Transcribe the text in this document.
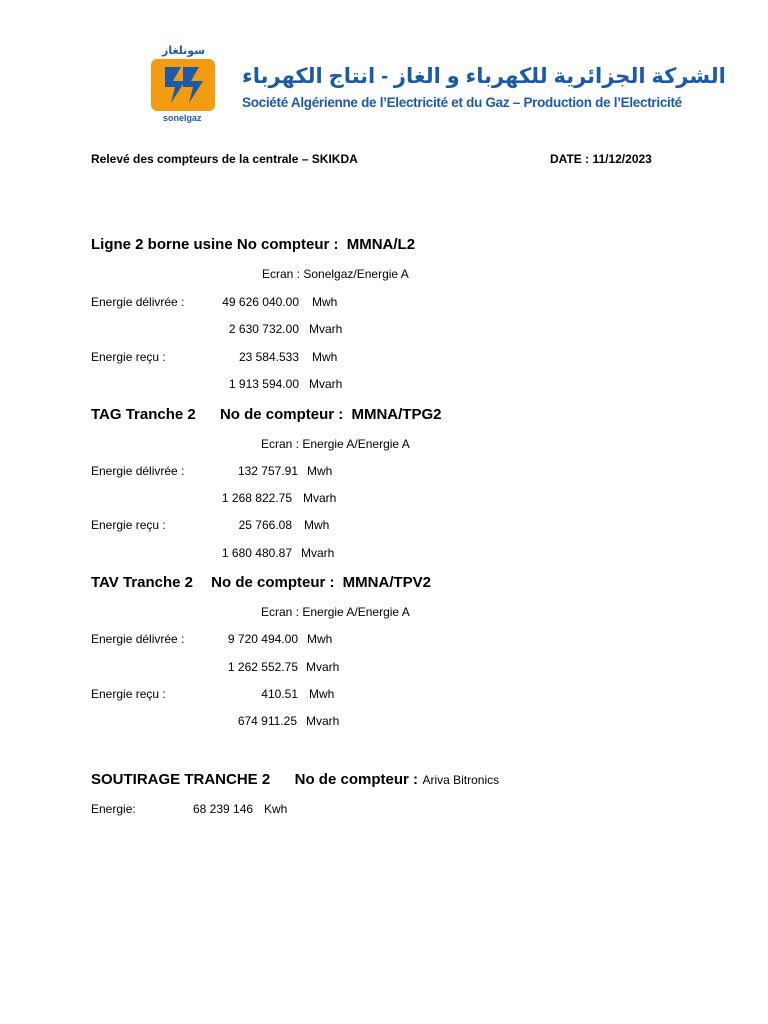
سونلغاز
sonelgaz
الشركة الجزائرية للكهرباء و الغاز - انتاج الكهرباء
Société Algérienne de l’Electricité et du Gaz – Production de l’Electricité
Relevé des compteurs de la centrale – SKIKDA	DATE : 11/12/2023
Ligne 2 borne usine No compteur : MMNA/L2
Ecran : Sonelgaz/Energie A
Energie délivrée :	49 626 040.00 Mwh
2 630 732.00 Mvarh
Energie reçu :	23 584.533 Mwh
1 913 594.00 Mvarh
TAG Tranche 2 No de compteur : MMNA/TPG2
Ecran : Energie A/Energie A
Energie délivrée :	132 757.91 Mwh
1 268 822.75 Mvarh
Energie reçu :	25 766.08 Mwh
1 680 480.87 Mvarh
TAV Tranche 2 No de compteur : MMNA/TPV2
Ecran : Energie A/Energie A
Energie délivrée :	9 720 494.00 Mwh
1 262 552.75 Mvarh
Energie reçu :	410.51 Mwh
674 911.25 Mvarh
SOUTIRAGE TRANCHE 2 No de compteur : Ariva Bitronics
Energie:	68 239 146 Kwh
